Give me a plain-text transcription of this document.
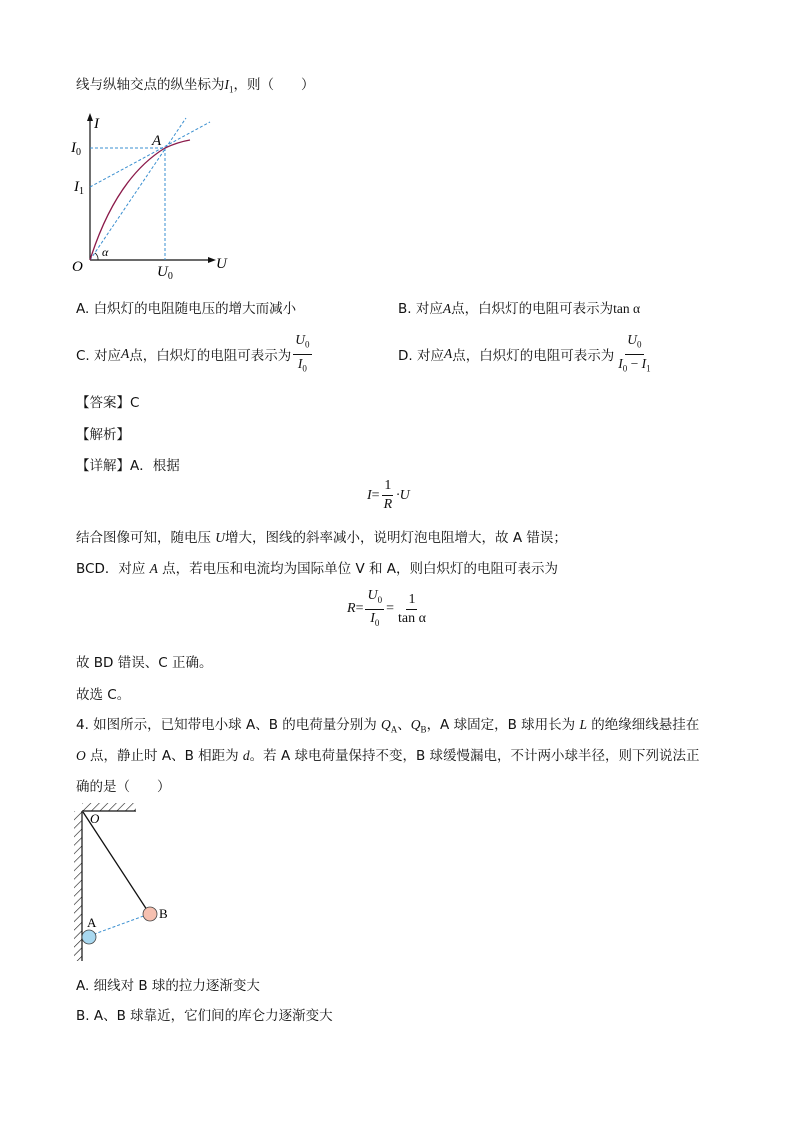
线与纵轴交点的纵坐标为$I_1$，则（　　）
I
$I_0$
$I_1$
A
O
α
$U_0$
U
A. 白炽灯的电阻随电压的增大而减小	B. 对应A点，白炽灯的电阻可表示为tan α
C. 对应 A 点，白炽灯的电阻可表示为 $\frac{U_0}{I_0}$	D. 对应 A 点，白炽灯的电阻可表示为 $\frac{U_0}{I_0 - I_1}$
【答案】C
【解析】
【详解】A．根据
$I = \frac{1}{R} \cdot U$
结合图像可知，随电压 U增大，图线的斜率减小，说明灯泡电阻增大，故 A 错误；
BCD．对应 A 点，若电压和电流均为国际单位 V 和 A，则白炽灯的电阻可表示为
$R = \frac{U_0}{I_0} = \frac{1}{\text{tan α}}$
故 BD 错误、C 正确。
故选 C。
4. 如图所示，已知带电小球 A、B 的电荷量分别为 $Q_A$、$Q_B$，A 球固定，B 球用长为 L 的绝缘细线悬挂在
O 点，静止时 A、B 相距为 d。若 A 球电荷量保持不变，B 球缓慢漏电，不计两小球半径，则下列说法正
确的是（　　）
O
A
B
A. 细线对 B 球的拉力逐渐变大
B. A、B 球靠近，它们间的库仑力逐渐变大
